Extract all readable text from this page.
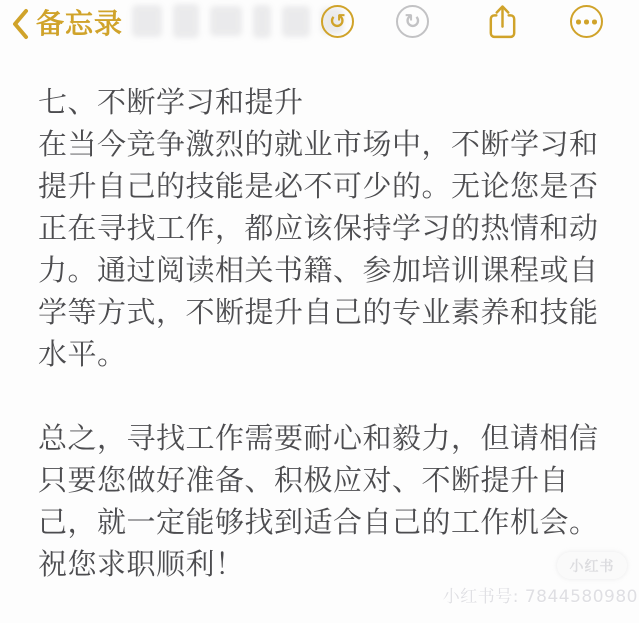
备忘录	↺	↻
七、不断学习和提升
在当今竞争激烈的就业市场中，不断学习和
提升自己的技能是必不可少的。无论您是否
正在寻找工作，都应该保持学习的热情和动
力。通过阅读相关书籍、参加培训课程或自
学等方式，不断提升自己的专业素养和技能
水平。
总之，寻找工作需要耐心和毅力，但请相信
只要您做好准备、积极应对、不断提升自
己，就一定能够找到适合自己的工作机会。
祝您求职顺利！	小红书
小红书号: 7844580980
